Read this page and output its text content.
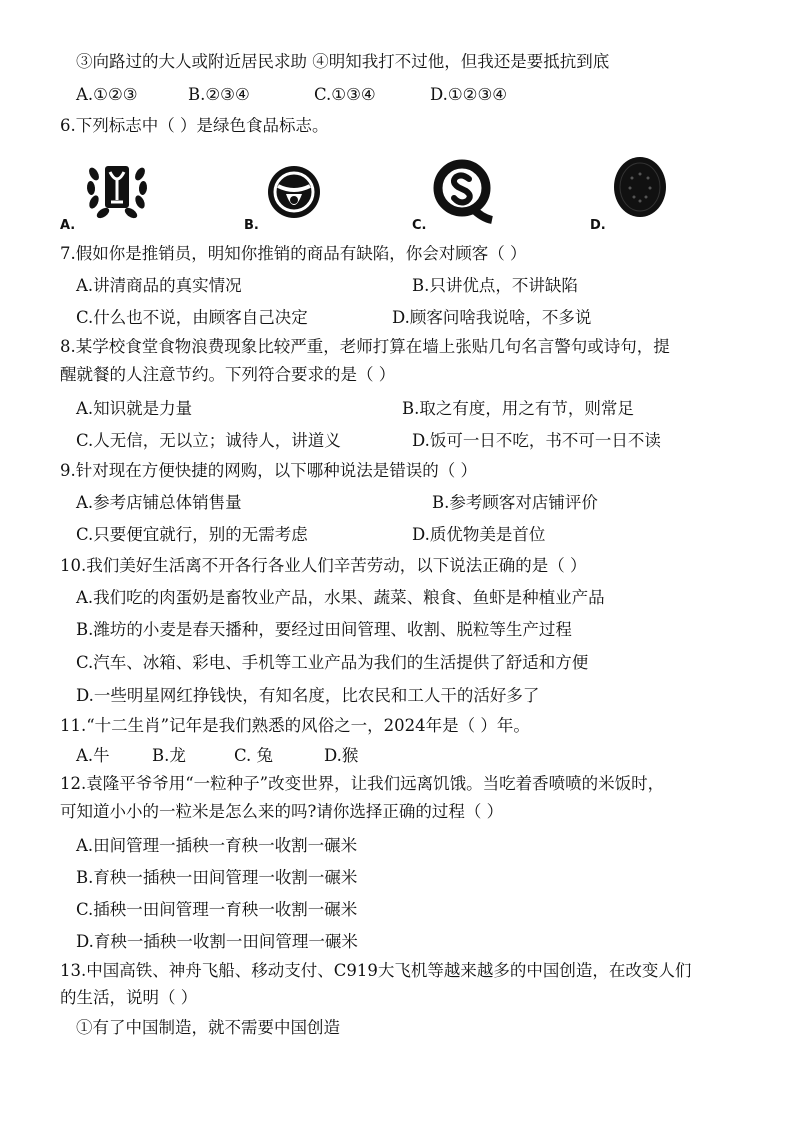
③向路过的大人或附近居民求助 ④明知我打不过他，但我还是要抵抗到底
A.①②③	B.②③④	C.①③④	D.①②③④
6.下列标志中（ ）是绿色食品标志。
A.	B.	C.	D.
7.假如你是推销员，明知你推销的商品有缺陷，你会对顾客（ ）
A.讲清商品的真实情况	B.只讲优点，不讲缺陷
C.什么也不说，由顾客自己决定	D.顾客问啥我说啥，不多说
8.某学校食堂食物浪费现象比较严重，老师打算在墙上张贴几句名言警句或诗句，提
醒就餐的人注意节约。下列符合要求的是（ ）
A.知识就是力量	B.取之有度，用之有节，则常足
C.人无信，无以立；诚待人，讲道义	D.饭可一日不吃，书不可一日不读
9.针对现在方便快捷的网购，以下哪种说法是错误的（ ）
A.参考店铺总体销售量	B.参考顾客对店铺评价
C.只要便宜就行，别的无需考虑	D.质优物美是首位
10.我们美好生活离不开各行各业人们辛苦劳动，以下说法正确的是（ ）
A.我们吃的肉蛋奶是畜牧业产品，水果、蔬菜、粮食、鱼虾是种植业产品
B.潍坊的小麦是春天播种，要经过田间管理、收割、脱粒等生产过程
C.汽车、冰箱、彩电、手机等工业产品为我们的生活提供了舒适和方便
D.一些明星网红挣钱快，有知名度，比农民和工人干的活好多了
11.“十二生肖”记年是我们熟悉的风俗之一，2024年是（ ）年。
A.牛	B.龙	C. 兔	D.猴
12.袁隆平爷爷用“一粒种子”改变世界，让我们远离饥饿。当吃着香喷喷的米饭时，
可知道小小的一粒米是怎么来的吗?请你选择正确的过程（ ）
A.田间管理一插秧一育秧一收割一碾米
B.育秧一插秧一田间管理一收割一碾米
C.插秧一田间管理一育秧一收割一碾米
D.育秧一插秧一收割一田间管理一碾米
13.中国高铁、神舟飞船、移动支付、C919大飞机等越来越多的中国创造，在改变人们
的生活，说明（ ）
①有了中国制造，就不需要中国创造
